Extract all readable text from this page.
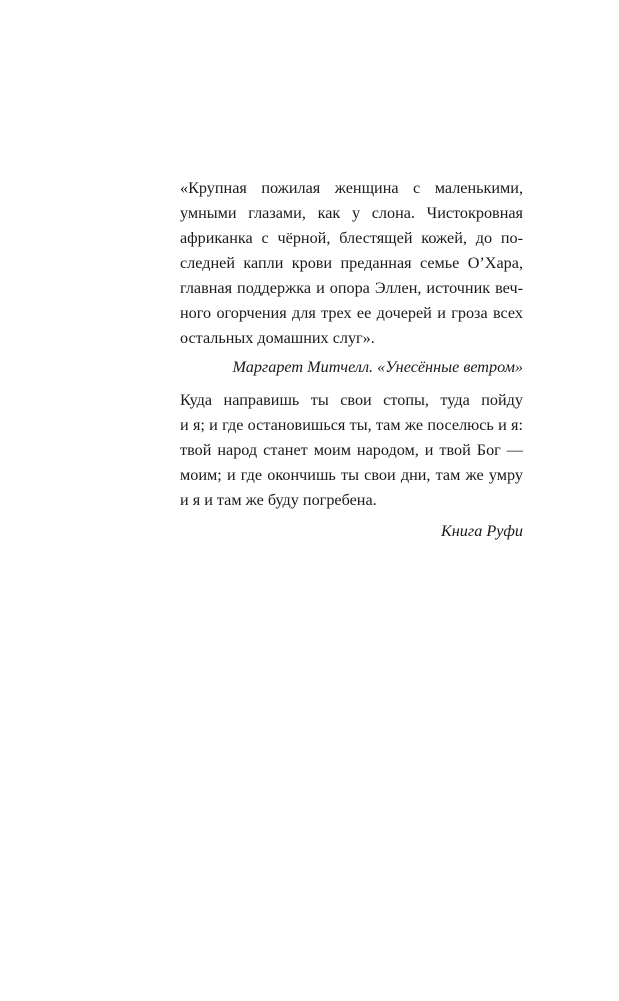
«Крупная пожилая женщина с маленькими,
умными глазами, как у слона. Чистокровная
африканка с чёрной, блестящей кожей, до по-
следней капли крови преданная семье О’Хара,
главная поддержка и опора Эллен, источник веч-
ного огорчения для трех ее дочерей и гроза всех
остальных домашних слуг».
Маргарет Митчелл. «Унесённые ветром»
Куда направишь ты свои стопы, туда пойду
и я; и где остановишься ты, там же поселюсь и я:
твой народ станет моим народом, и твой Бог —
моим; и где окончишь ты свои дни, там же умру
и я и там же буду погребена.
Книга Руфи
